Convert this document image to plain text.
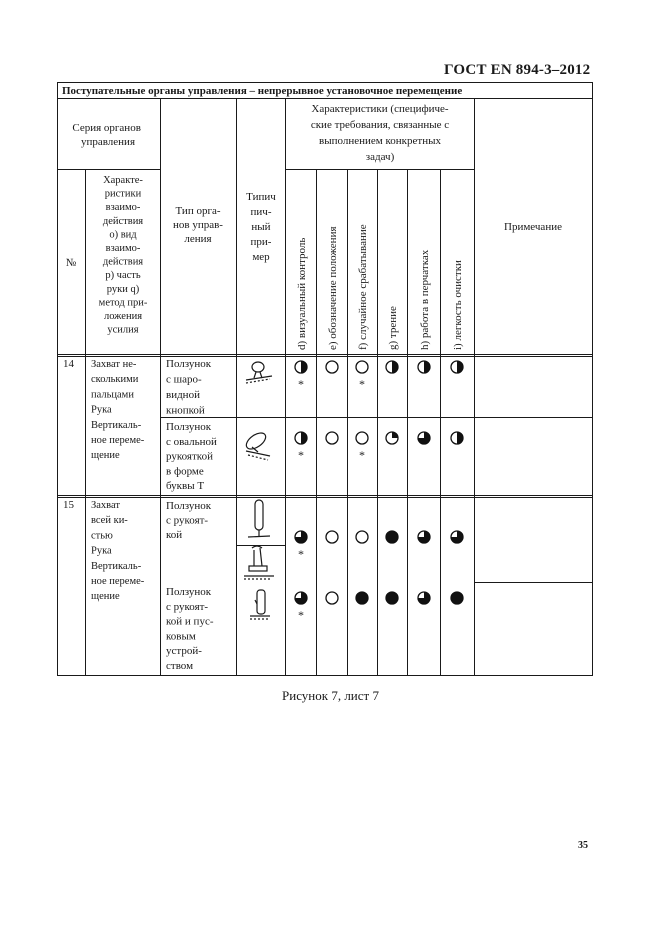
ГОСТ EN 894-3–2012
Поступательные органы управления – непрерывное установочное перемещение
Серия органов управления
№
Характе-ристики взаимо-действия о) вид взаимо-действия р) часть руки q) метод при-ложения усилия
Тип орга-нов управ-ления
Типич пич-ный при-мер
Характеристики (специфиче-ские требования, связанные с выполнением конкретных задач)
d) визуальный контроль e) обозначение положения f) случайное срабатывание g) трение h) работа в перчатках i) легкость очистки
Примечание
14 Захват не-сколькими пальцами Рука Вертикаль-ное переме-щение
Ползунок с шаро-видной кнопкой
*	*
Ползунок с овальной рукояткой в форме буквы Т
*	*
15 Захват всей ки-стью Рука Вертикаль-ное переме-щение
Ползунок с рукоят-кой
*
Ползунок с рукоят-кой и пус-ковым устрой-ством
*
Рисунок 7, лист 7
35
